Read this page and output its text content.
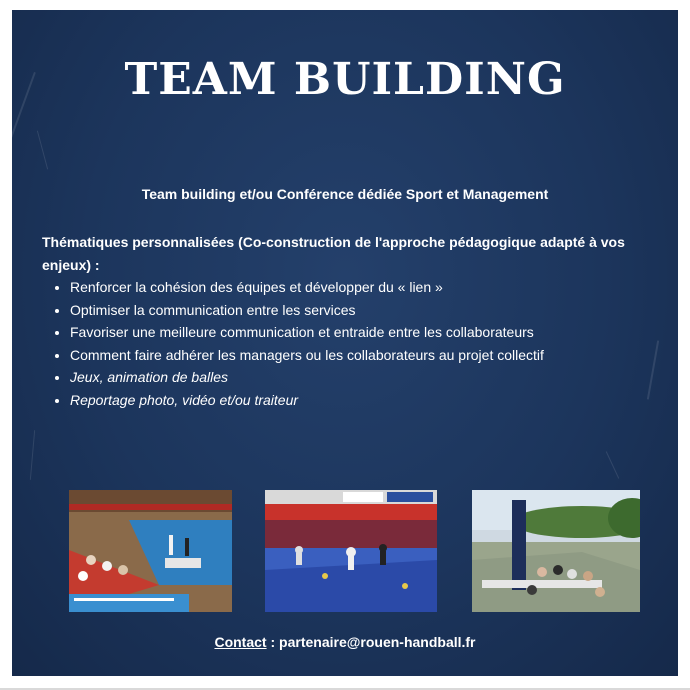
TEAM BUILDING
Team building et/ou Conférence dédiée Sport et Management

Thématiques personnalisées (Co-construction de l'approche pédagogique adapté à vos enjeux) :

• Renforcer la cohésion des équipes et développer du « lien »
• Optimiser la communication entre les services
• Favoriser une meilleure communication et entraide entre les collaborateurs
• Comment faire adhérer les managers ou les collaborateurs au projet collectif
• Jeux, animation de balles
• Reportage photo, vidéo et/ou traiteur
Contact : partenaire@rouen-handball.fr
